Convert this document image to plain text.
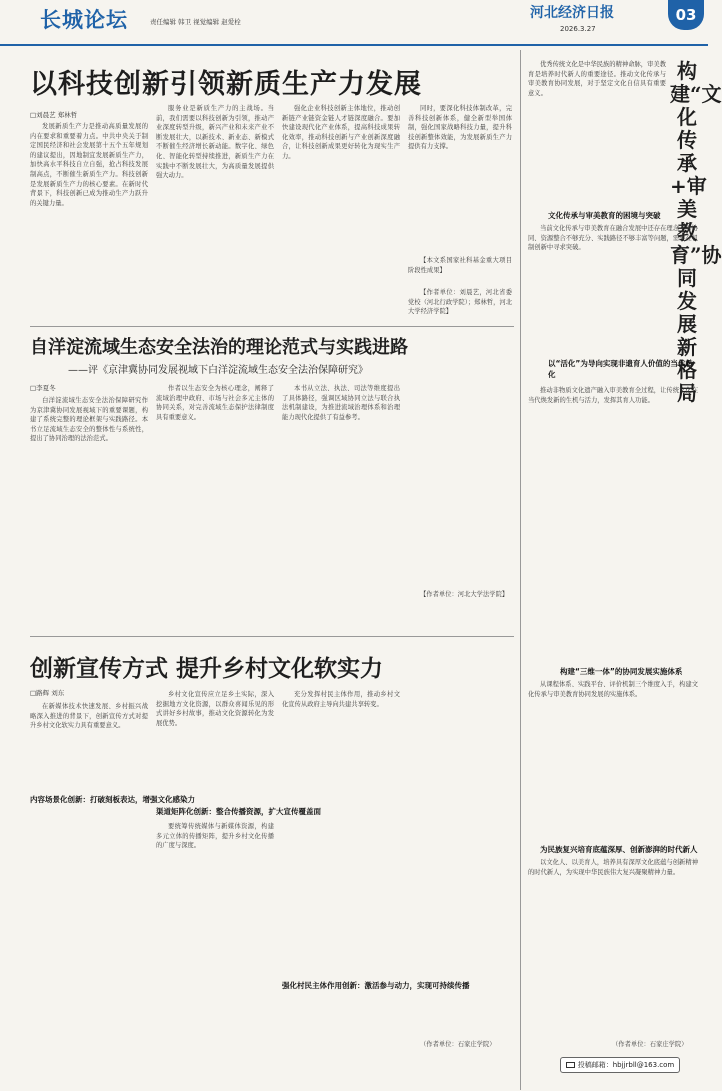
长城论坛	责任编辑 韩卫 视觉编辑 赵爱栓
河北经济日报
2026.3.27
03
以科技创新引领新质生产力发展
□刘晨艺 郑林哲
发展新质生产力是推动高质量发展的内在要求和重要着力点。中共中央关于制定国民经济和社会发展第十五个五年规划的建议提出，因地制宜发展新质生产力，加快高水平科技自立自强，抢占科技发展制高点，不断催生新质生产力。科技创新是发展新质生产力的核心要素。在新时代背景下，科技创新已成为推动生产力跃升的关键力量。
服务业是新质生产力的主战场。当前，我们需要以科技创新为引领，推动产业深度转型升级，新兴产业和未来产业不断发展壮大，以新技术、新业态、新模式不断催生经济增长新动能。数字化、绿色化、智能化转型持续推进，新质生产力在实践中不断发展壮大，为高质量发展提供强大动力。
强化企业科技创新主体地位，推动创新链产业链资金链人才链深度融合。要加快建设现代化产业体系，提高科技成果转化效率，推动科技创新与产业创新深度融合，让科技创新成果更好转化为现实生产力。
同时，要深化科技体制改革，完善科技创新体系，健全新型举国体制，强化国家战略科技力量，提升科技创新整体效能，为发展新质生产力提供有力支撑。
【本文系国家社科基金重大项目阶段性成果】
【作者单位：刘晨艺，河北省委党校（河北行政学院）；郑林哲，河北大学经济学院】
自洋淀流域生态安全法治的理论范式与实践进路
——评《京津冀协同发展视域下白洋淀流域生态安全法治保障研究》
□李夏冬
白洋淀流域生态安全法治保障研究作为京津冀协同发展视域下的重要课题，构建了系统完整的理论框架与实践路径。本书立足流域生态安全的整体性与系统性，提出了协同治理的法治范式。
作者以生态安全为核心理念，阐释了流域治理中政府、市场与社会多元主体的协同关系，对完善流域生态保护法律制度具有重要意义。
本书从立法、执法、司法等维度提出了具体路径，强调区域协同立法与联合执法机制建设，为推进流域治理体系和治理能力现代化提供了有益参考。
【作者单位：河北大学法学院】
创新宣传方式 提升乡村文化软实力
□路辉 刘东
在新媒体技术快速发展、乡村振兴战略深入推进的背景下，创新宣传方式对提升乡村文化软实力具有重要意义。
内容场景化创新：打破刻板表达，增强文化感染力
乡村文化宣传应立足乡土实际，深入挖掘地方文化资源，以群众喜闻乐见的形式讲好乡村故事，推动文化资源转化为发展优势。
渠道矩阵化创新：整合传播资源，扩大宣传覆盖面
要统筹传统媒体与新媒体资源，构建多元立体的传播矩阵，提升乡村文化传播的广度与深度。
强化村民主体作用创新：激活参与动力，实现可持续传播
充分发挥村民主体作用，推动乡村文化宣传从政府主导向共建共享转变。
（作者单位：石家庄学院）
构建“文化传承+审美教育”协同发展新格局
优秀传统文化是中华民族的精神命脉，审美教育是培养时代新人的重要途径。推动文化传承与审美教育协同发展，对于坚定文化自信具有重要意义。
文化传承与审美教育的困境与突破
当前文化传承与审美教育在融合发展中还存在理念不够协同、资源整合不够充分、实践路径不够丰富等问题，需要在机制创新中寻求突破。
以“活化”为导向实现非遗育人价值的当代转化
推动非物质文化遗产融入审美教育全过程，让传统文化在当代焕发新的生机与活力，发挥其育人功能。
构建“三维一体”的协同发展实施体系
从课程体系、实践平台、评价机制三个维度入手，构建文化传承与审美教育协同发展的实施体系。
为民族复兴培育底蕴深厚、创新澎湃的时代新人
以文化人、以美育人，培养具有深厚文化底蕴与创新精神的时代新人，为实现中华民族伟大复兴凝聚精神力量。
（作者单位：石家庄学院）
投稿邮箱：hbjjrbll@163.com
